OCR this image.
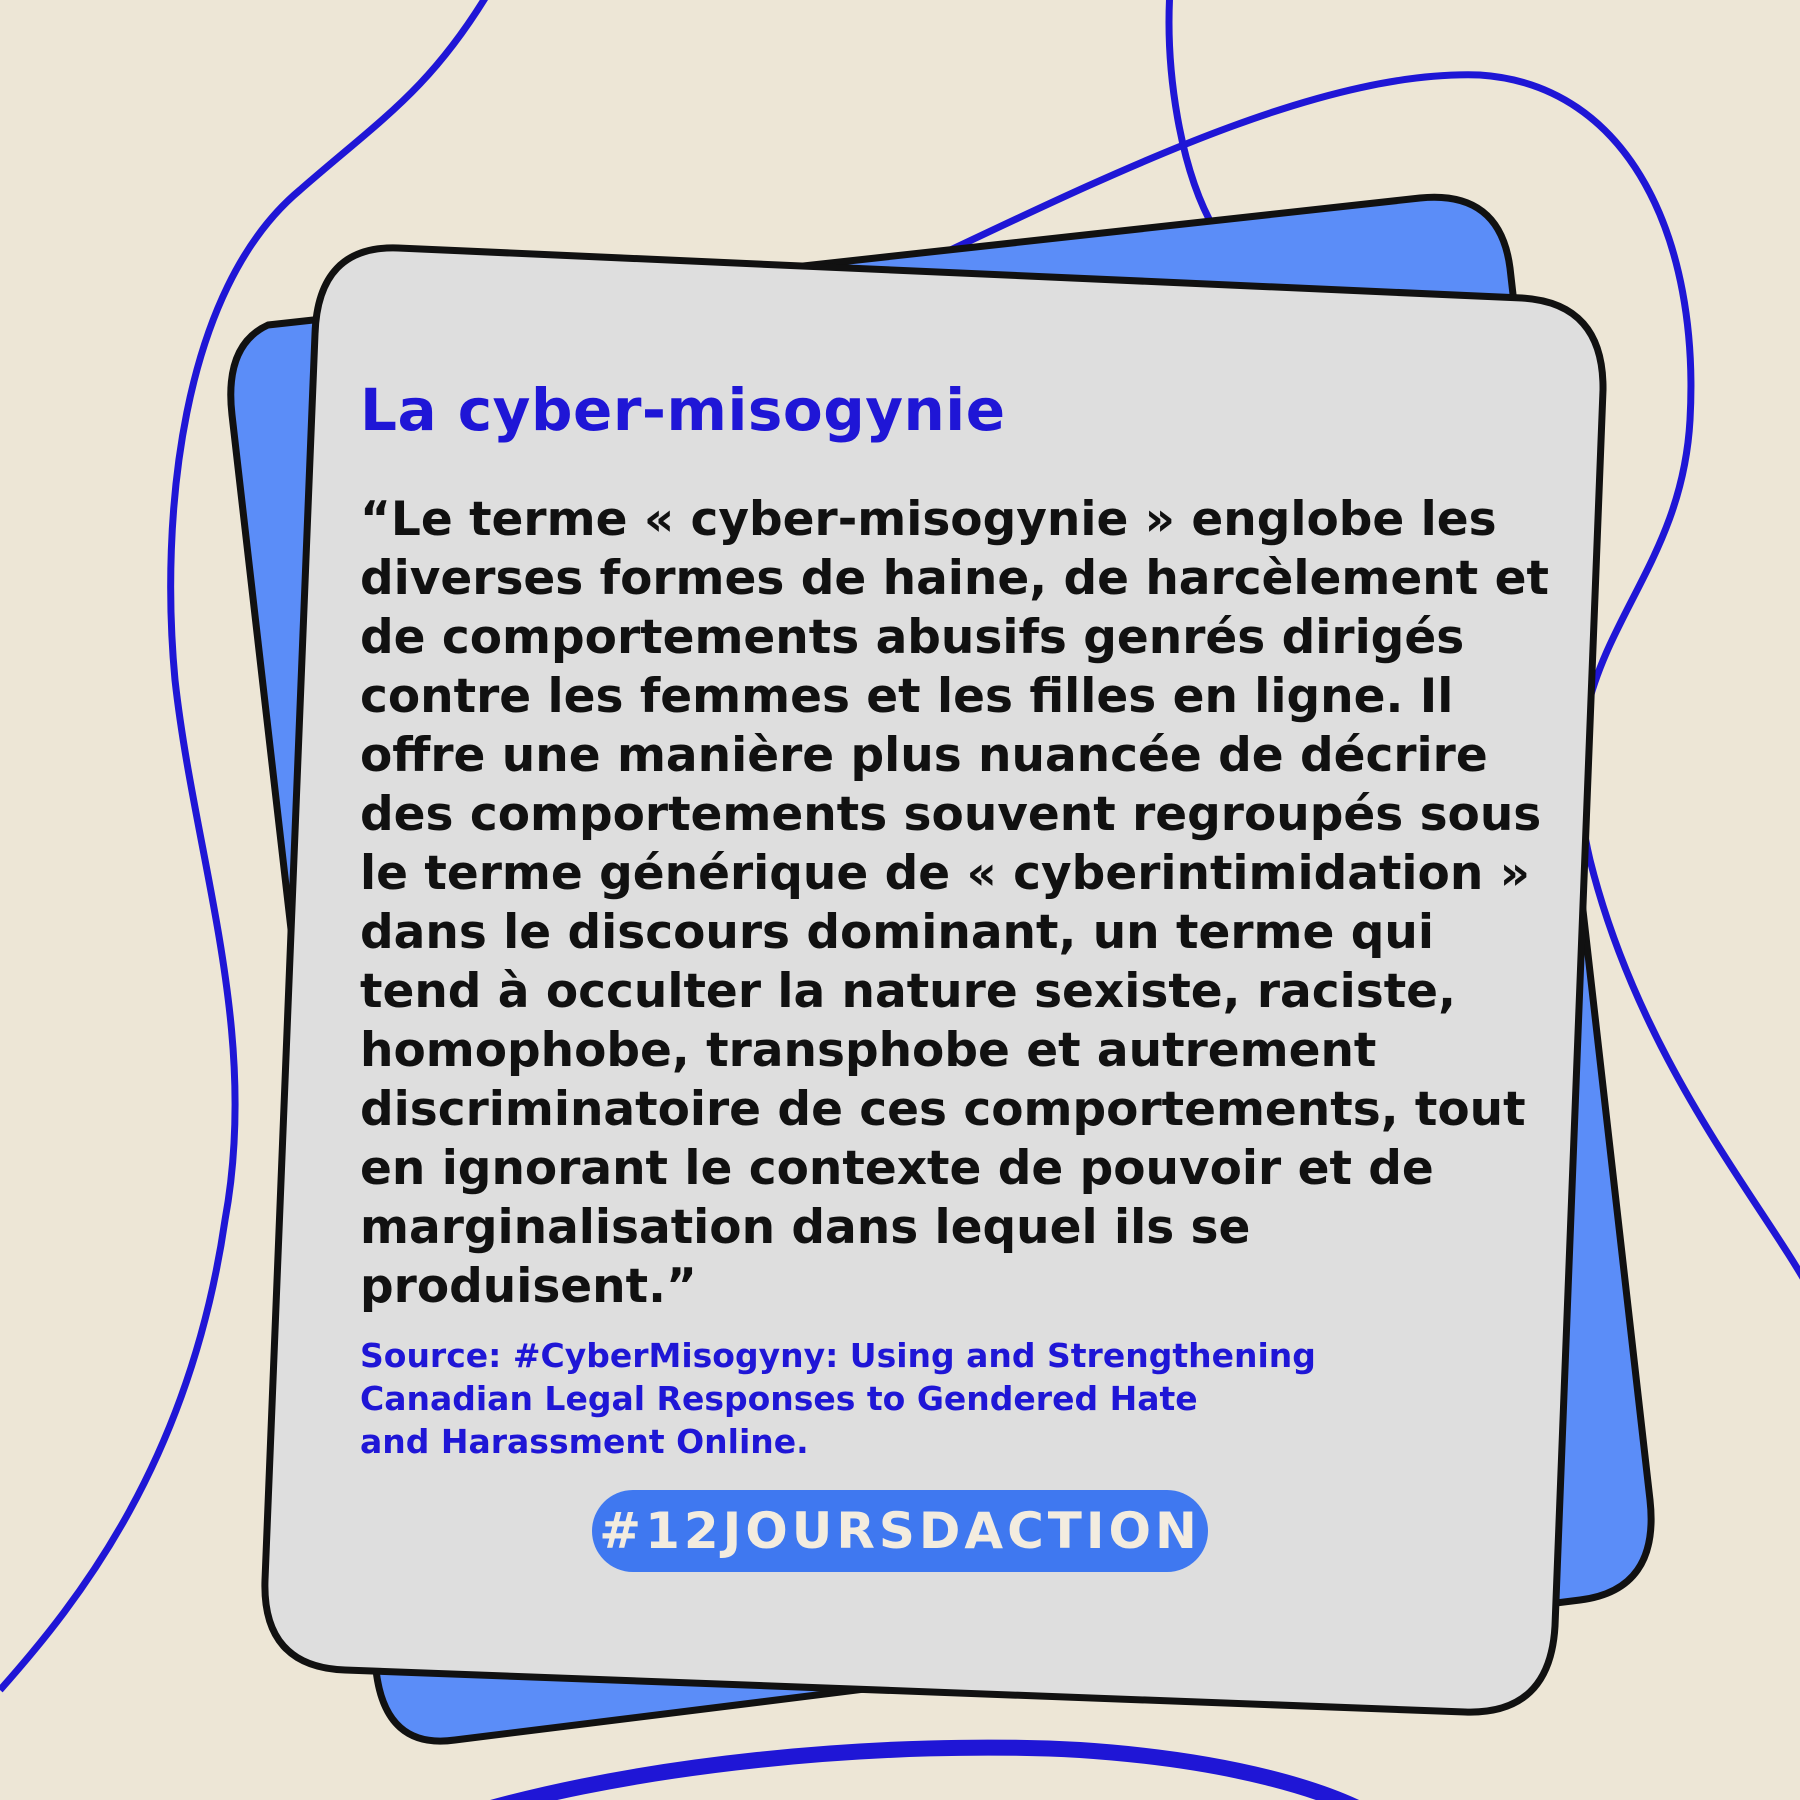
La cyber-misogynie

“Le terme « cyber-misogynie » englobe les
diverses formes de haine, de harcèlement et
de comportements abusifs genrés dirigés
contre les femmes et les filles en ligne. Il
offre une manière plus nuancée de décrire
des comportements souvent regroupés sous
le terme générique de « cyberintimidation »
dans le discours dominant, un terme qui
tend à occulter la nature sexiste, raciste,
homophobe, transphobe et autrement
discriminatoire de ces comportements, tout
en ignorant le contexte de pouvoir et de
marginalisation dans lequel ils se
produisent.”

Source: #CyberMisogyny: Using and Strengthening
Canadian Legal Responses to Gendered Hate
and Harassment Online.

#12JOURSDACTION
